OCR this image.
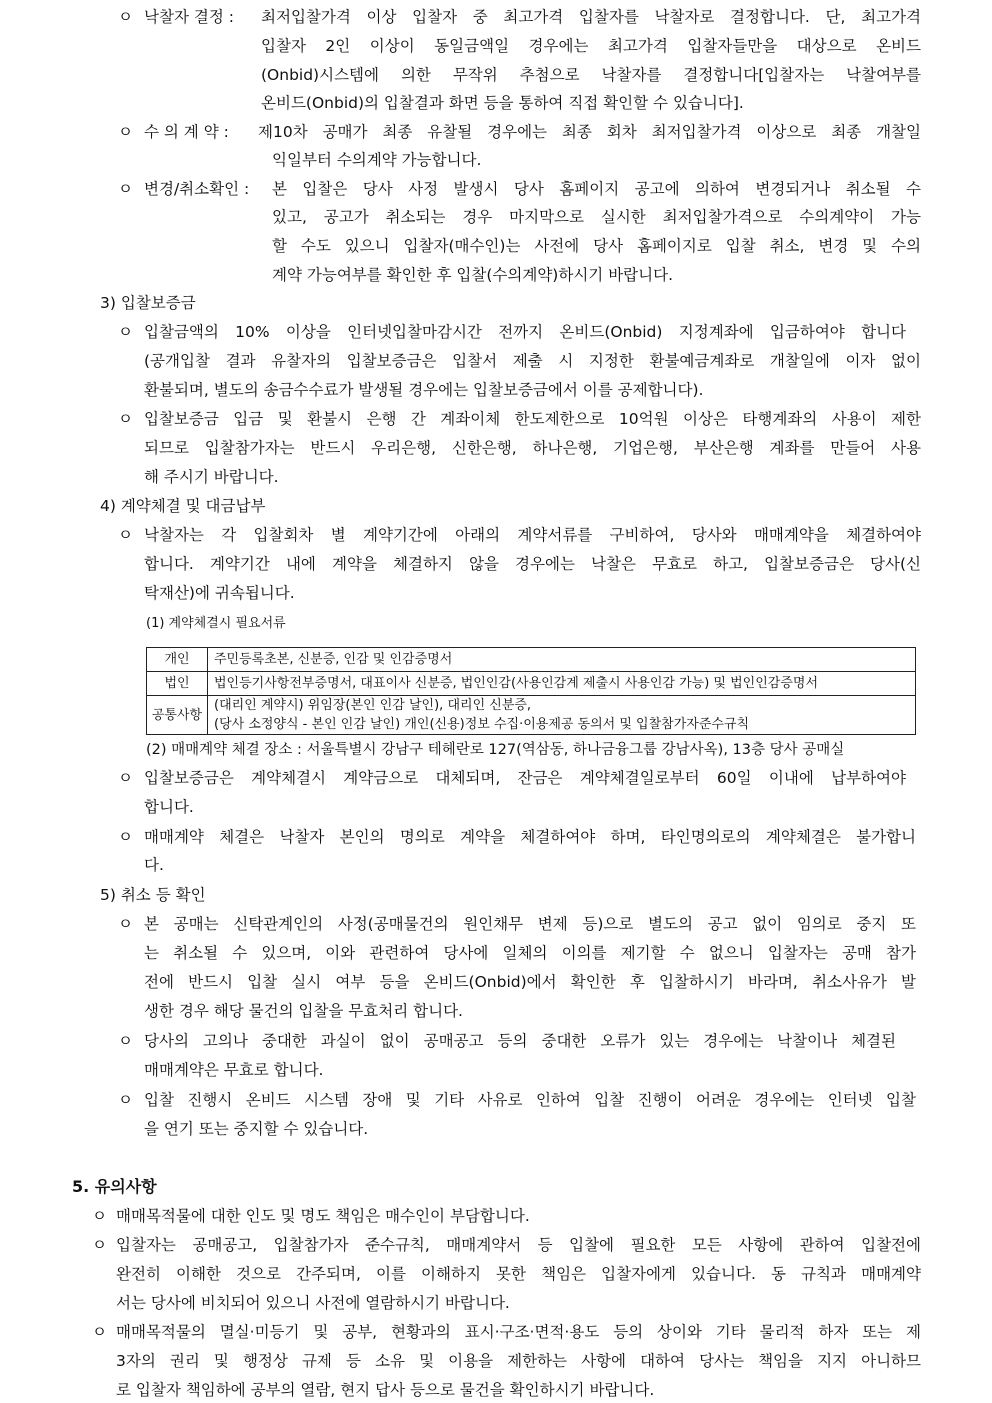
ㅇ 낙찰자 결정 : 최저입찰가격 이상 입찰자 중 최고가격 입찰자를 낙찰자로 결정합니다. 단, 최고가격
입찰자 2인 이상이 동일금액일 경우에는 최고가격 입찰자들만을 대상으로 온비드
(Onbid)시스템에 의한 무작위 추첨으로 낙찰자를 결정합니다[입찰자는 낙찰여부를
온비드(Onbid)의 입찰결과 화면 등을 통하여 직접 확인할 수 있습니다].
ㅇ 수 의 계 약 : 제10차 공매가 최종 유찰될 경우에는 최종 회차 최저입찰가격 이상으로 최종 개찰일
익일부터 수의계약 가능합니다.
ㅇ 변경/취소확인 : 본 입찰은 당사 사정 발생시 당사 홈페이지 공고에 의하여 변경되거나 취소될 수
있고, 공고가 취소되는 경우 마지막으로 실시한 최저입찰가격으로 수의계약이 가능
할 수도 있으니 입찰자(매수인)는 사전에 당사 홈페이지로 입찰 취소, 변경 및 수의
계약 가능여부를 확인한 후 입찰(수의계약)하시기 바랍니다.
3) 입찰보증금
ㅇ 입찰금액의 10% 이상을 인터넷입찰마감시간 전까지 온비드(Onbid) 지정계좌에 입금하여야 합니다
(공개입찰 결과 유찰자의 입찰보증금은 입찰서 제출 시 지정한 환불예금계좌로 개찰일에 이자 없이
환불되며, 별도의 송금수수료가 발생될 경우에는 입찰보증금에서 이를 공제합니다).
ㅇ 입찰보증금 입금 및 환불시 은행 간 계좌이체 한도제한으로 10억원 이상은 타행계좌의 사용이 제한
되므로 입찰참가자는 반드시 우리은행, 신한은행, 하나은행, 기업은행, 부산은행 계좌를 만들어 사용
해 주시기 바랍니다.
4) 계약체결 및 대금납부
ㅇ 낙찰자는 각 입찰회차 별 계약기간에 아래의 계약서류를 구비하여, 당사와 매매계약을 체결하여야
합니다. 계약기간 내에 계약을 체결하지 않을 경우에는 낙찰은 무효로 하고, 입찰보증금은 당사(신
탁재산)에 귀속됩니다.
(1) 계약체결시 필요서류
개인	주민등록초본, 신분증, 인감 및 인감증명서
법인	법인등기사항전부증명서, 대표이사 신분증, 법인인감(사용인감계 제출시 사용인감 가능) 및 법인인감증명서
공통사항	(대리인 계약시) 위임장(본인 인감 날인), 대리인 신분증,
(당사 소정양식 - 본인 인감 날인) 개인(신용)정보 수집·이용제공 동의서 및 입찰참가자준수규칙
(2) 매매계약 체결 장소 : 서울특별시 강남구 테헤란로 127(역삼동, 하나금융그룹 강남사옥), 13층 당사 공매실
ㅇ 입찰보증금은 계약체결시 계약금으로 대체되며, 잔금은 계약체결일로부터 60일 이내에 납부하여야
합니다.
ㅇ 매매계약 체결은 낙찰자 본인의 명의로 계약을 체결하여야 하며, 타인명의로의 계약체결은 불가합니
다.
5) 취소 등 확인
ㅇ 본 공매는 신탁관계인의 사정(공매물건의 원인채무 변제 등)으로 별도의 공고 없이 임의로 중지 또
는 취소될 수 있으며, 이와 관련하여 당사에 일체의 이의를 제기할 수 없으니 입찰자는 공매 참가
전에 반드시 입찰 실시 여부 등을 온비드(Onbid)에서 확인한 후 입찰하시기 바라며, 취소사유가 발
생한 경우 해당 물건의 입찰을 무효처리 합니다.
ㅇ 당사의 고의나 중대한 과실이 없이 공매공고 등의 중대한 오류가 있는 경우에는 낙찰이나 체결된
매매계약은 무효로 합니다.
ㅇ 입찰 진행시 온비드 시스템 장애 및 기타 사유로 인하여 입찰 진행이 어려운 경우에는 인터넷 입찰
을 연기 또는 중지할 수 있습니다.
5. 유의사항
ㅇ 매매목적물에 대한 인도 및 명도 책임은 매수인이 부담합니다.
ㅇ 입찰자는 공매공고, 입찰참가자 준수규칙, 매매계약서 등 입찰에 필요한 모든 사항에 관하여 입찰전에
완전히 이해한 것으로 간주되며, 이를 이해하지 못한 책임은 입찰자에게 있습니다. 동 규칙과 매매계약
서는 당사에 비치되어 있으니 사전에 열람하시기 바랍니다.
ㅇ 매매목적물의 멸실·미등기 및 공부, 현황과의 표시·구조·면적·용도 등의 상이와 기타 물리적 하자 또는 제
3자의 권리 및 행정상 규제 등 소유 및 이용을 제한하는 사항에 대하여 당사는 책임을 지지 아니하므
로 입찰자 책임하에 공부의 열람, 현지 답사 등으로 물건을 확인하시기 바랍니다.
